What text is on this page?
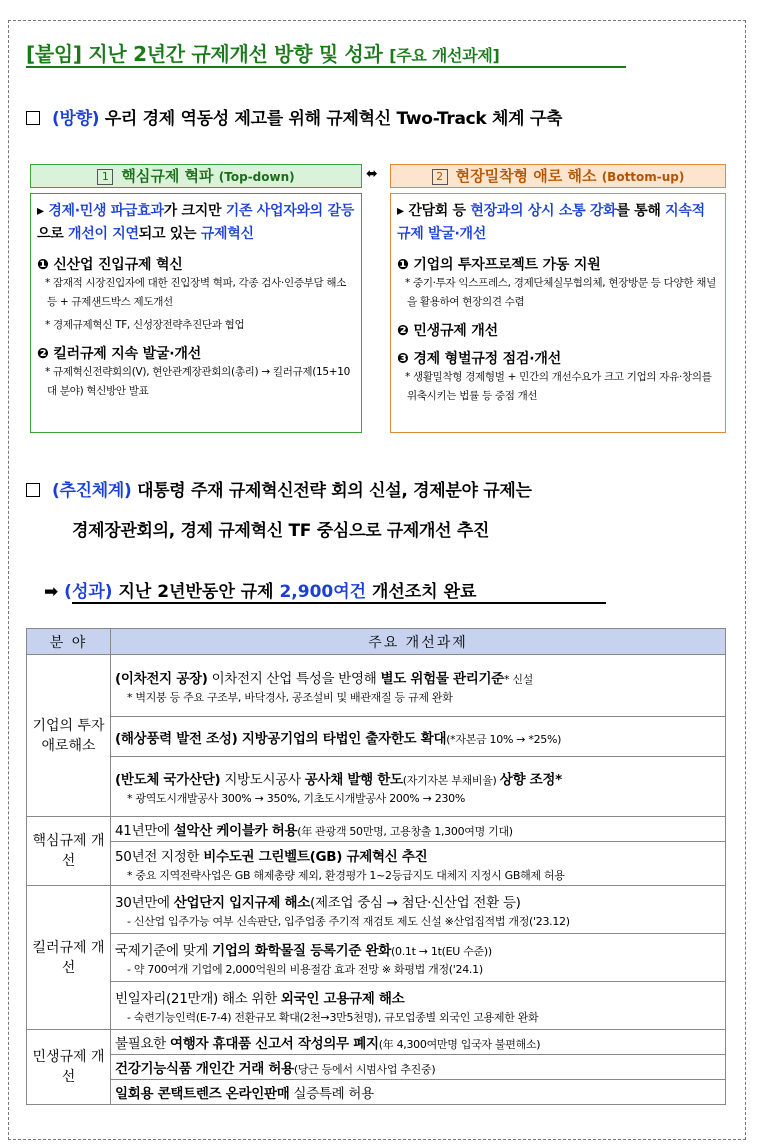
[붙임] 지난 2년간 규제개선 방향 및 성과 [주요 개선과제]
(방향) 우리 경제 역동성 제고를 위해 규제혁신 Two-Track 체계 구축
1 핵심규제 혁파 (Top-down)	⬌	2 현장밀착형 애로 해소 (Bottom-up)
▸ 경제·민생 파급효과가 크지만 기존 사업자와의 갈등으로 개선이 지연되고 있는 규제혁신
❶ 신산업 진입규제 혁신
* 잠재적 시장진입자에 대한 진입장벽 혁파, 각종 검사·인증부담 해소 등 + 규제샌드박스 제도개선
* 경제규제혁신 TF, 신성장전략추진단과 협업
❷ 킬러규제 지속 발굴·개선
* 규제혁신전략회의(V), 현안관계장관회의(총리) → 킬러규제(15+10대 분야) 혁신방안 발표
▸ 간담회 등 현장과의 상시 소통 강화를 통해 지속적 규제 발굴·개선
❶ 기업의 투자프로젝트 가동 지원
* 중기·투자 익스프레스, 경제단체실무협의체, 현장방문 등 다양한 채널을 활용하여 현장의견 수렴
❷ 민생규제 개선
❸ 경제 형벌규정 점검·개선
* 생활밀착형 경제형벌 + 민간의 개선수요가 크고 기업의 자유·창의를 위축시키는 법률 등 중점 개선
(추진체계) 대통령 주재 규제혁신전략 회의 신설, 경제분야 규제는
경제장관회의, 경제 규제혁신 TF 중심으로 규제개선 추진
➡ (성과) 지난 2년반동안 규제 2,900여건 개선조치 완료
분 야	주요 개선과제
기업의 투자 애로해소	(이차전지 공장) 이차전지 산업 특성을 반영해 별도 위험물 관리기준* 신설
* 벽지붕 등 주요 구조부, 바닥경사, 공조설비 및 배관재질 등 규제 완화

	(해상풍력 발전 조성) 지방공기업의 타법인 출자한도 확대(*자본금 10% → *25%)
	(반도체 국가산단) 지방도시공사 공사채 발행 한도(자기자본 부채비율) 상향 조정*
* 광역도시개발공사 300% → 350%, 기초도시개발공사 200% → 230%

핵심규제 개선	41년만에 설악산 케이블카 허용(年 관광객 50만명, 고용창출 1,300여명 기대)
	50년전 지정한 비수도권 그린벨트(GB) 규제혁신 추진
* 중요 지역전략사업은 GB 해제총량 제외, 환경평가 1~2등급지도 대체지 지정시 GB해제 허용

킬러규제 개선	30년만에 산업단지 입지규제 해소(제조업 중심 → 첨단·신산업 전환 등)
- 신산업 입주가능 여부 신속판단, 입주업종 주기적 재검토 제도 신설 ※산업집적법 개정('23.12)

	국제기준에 맞게 기업의 화학물질 등록기준 완화(0.1t → 1t(EU 수준))
- 약 700여개 기업에 2,000억원의 비용절감 효과 전망 ※ 화평법 개정('24.1)

	빈일자리(21만개) 해소 위한 외국인 고용규제 해소
- 숙련기능인력(E-7-4) 전환규모 확대(2천→3만5천명), 규모업종별 외국인 고용제한 완화

민생규제 개선	불필요한 여행자 휴대품 신고서 작성의무 폐지(年 4,300여만명 입국자 불편해소)
	건강기능식품 개인간 거래 허용(당근 등에서 시범사업 추진중)
	일회용 콘택트렌즈 온라인판매 실증특례 허용
